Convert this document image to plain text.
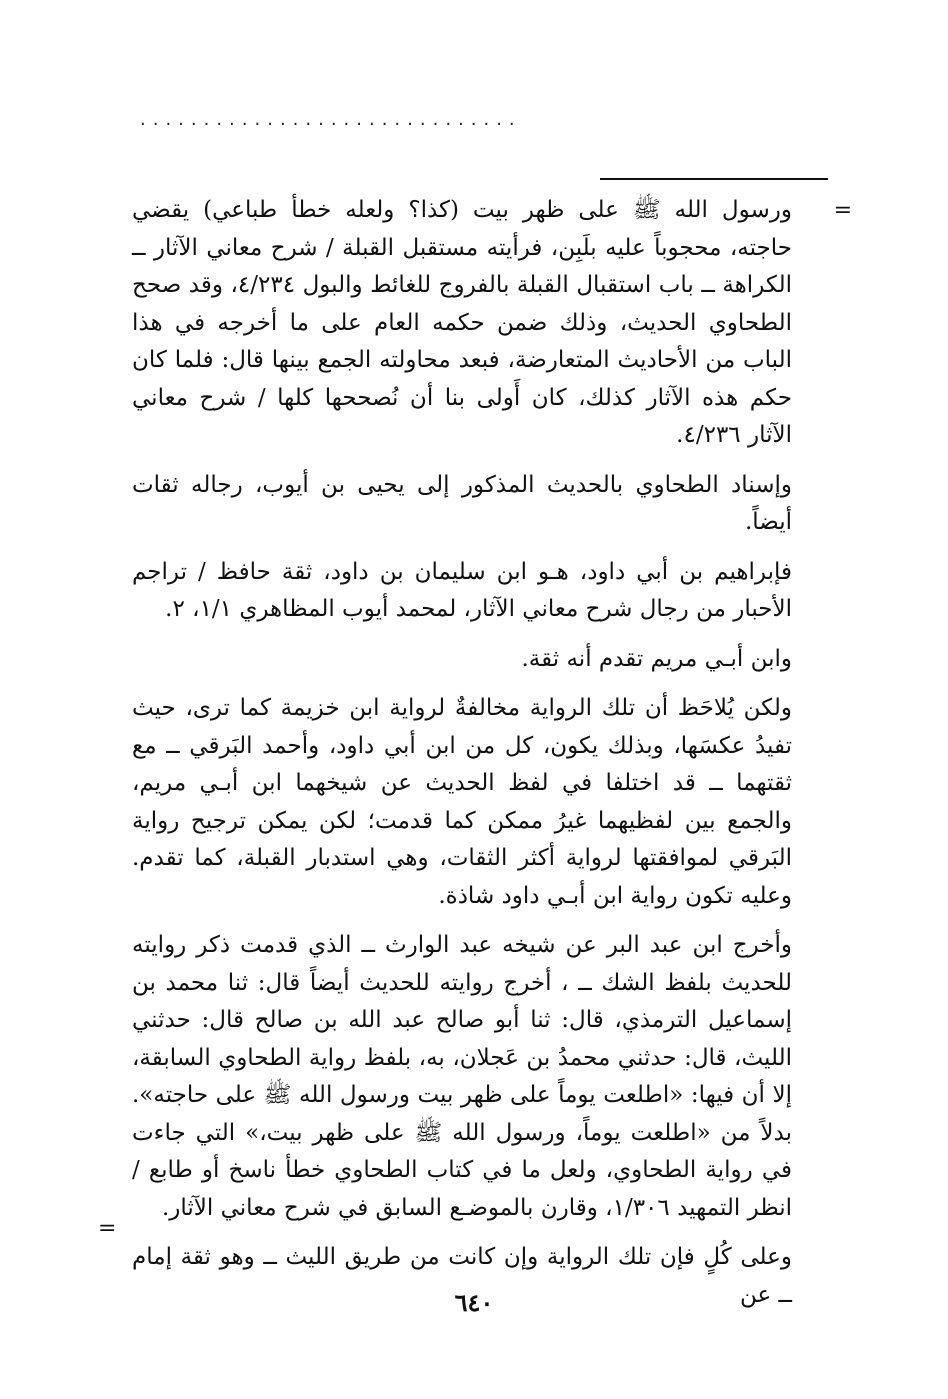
..............................
=

ورسول الله ﷺ على ظهر بيت (كذا؟ ولعله خطأ طباعي) يقضي حاجته، محجوباً عليه بلَبِن، فرأيته مستقبل القبلة / شرح معاني الآثار ــ الكراهة ــ باب استقبال القبلة بالفروج للغائط والبول ٤/٢٣٤، وقد صحح الطحاوي الحديث، وذلك ضمن حكمه العام على ما أخرجه في هذا الباب من الأحاديث المتعارضة، فبعد محاولته الجمع بينها قال: فلما كان حكم هذه الآثار كذلك، كان أَولى بنا أن نُصححها كلها / شرح معاني الآثار ٤/٢٣٦.

وإسناد الطحاوي بالحديث المذكور إلى يحيى بن أيوب، رجاله ثقات أيضاً.

فإبراهيم بن أبي داود، هـو ابن سليمان بن داود، ثقة حافظ / تراجم الأحبار من رجال شرح معاني الآثار، لمحمد أيوب المظاهري ١/١، ٢.

وابن أبـي مريم تقدم أنه ثقة.

ولكن يُلاحَظ أن تلك الرواية مخالفةٌ لرواية ابن خزيمة كما ترى، حيث تفيدُ عكسَها، وبذلك يكون، كل من ابن أبي داود، وأحمد البَرقي ــ مع ثقتهما ــ قد اختلفا في لفظ الحديث عن شيخهما ابن أبـي مريم، والجمع بين لفظيهما غيرُ ممكن كما قدمت؛ لكن يمكن ترجيح رواية البَرقي لموافقتها لرواية أكثر الثقات، وهي استدبار القبلة، كما تقدم. وعليه تكون رواية ابن أبـي داود شاذة.

وأخرج ابن عبد البر عن شيخه عبد الوارث ــ الذي قدمت ذكر روايته للحديث بلفظ الشك ــ ، أخرج روايته للحديث أيضاً قال: ثنا محمد بن إسماعيل الترمذي، قال: ثنا أبو صالح عبد الله بن صالح قال: حدثني الليث، قال: حدثني محمدُ بن عَجلان، به، بلفظ رواية الطحاوي السابقة، إلا أن فيها: «اطلعت يوماً على ظهر بيت ورسول الله ﷺ على حاجته». بدلاً من «اطلعت يوماً، ورسول الله ﷺ على ظهر بيت،» التي جاءت في رواية الطحاوي، ولعل ما في كتاب الطحاوي خطأ ناسخ أو طابع / انظر التمهيد ١/٣٠٦، وقارن بالموضـع السابق في شرح معاني الآثار.

وعلى كُلٍ فإن تلك الرواية وإن كانت من طريق الليث ــ وهو ثقة إمام ــ عن

=
٦٤٠
